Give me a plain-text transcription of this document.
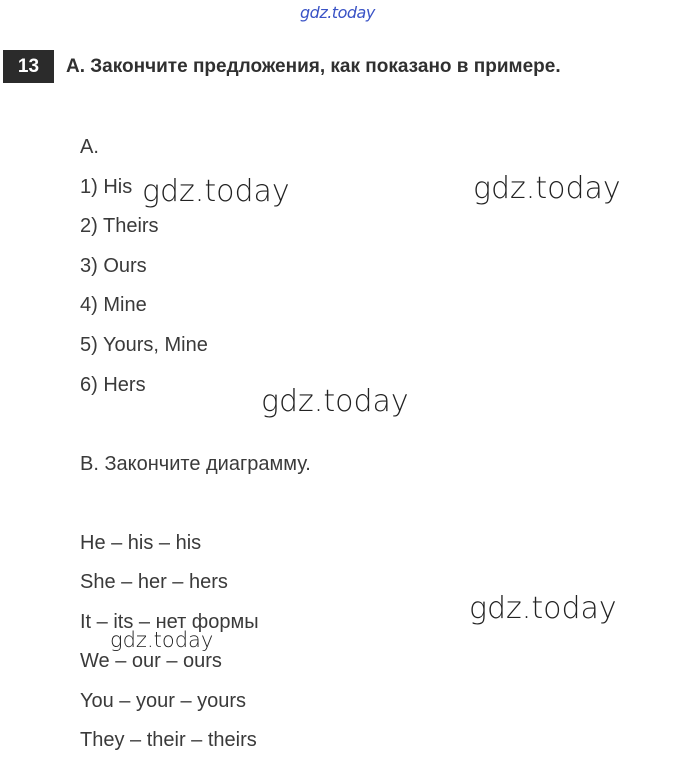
gdz.today
13	A. Закончите предложения, как показано в примере.
A.
1) His
2) Theirs
3) Ours
4) Mine
5) Yours, Mine
6) Hers
B. Закончите диаграмму.
He – his – his
She – her – hers
It – its – нет формы
We – our – ours
You – your – yours
They – their – theirs
gdz.today	gdz.today
gdz.today
gdz.today
gdz.today
